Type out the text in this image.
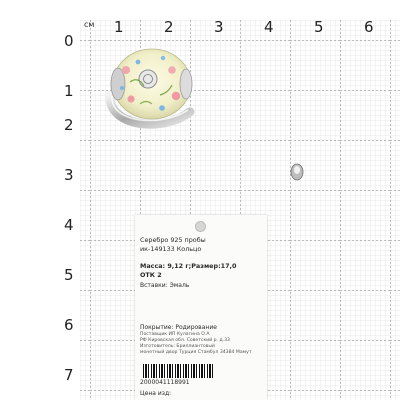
см 1	2	3	4	5	6
0
1
2
3
4
5
6
7
Серебро 925 пробы
ик-149133 Кольцо
Масса: 9,12 г;Размер:17,0
ОТК 2
Вставки: Эмаль
Покрытие: Родирование
Поставщик ИП Кулагина О.А
РФ Кировская обл. Советский р. д.33
Изготовитель: Бриллиантовый
монетный двор Турция Стамбул 34384 Мамут
2000041118991
Цена изд:
